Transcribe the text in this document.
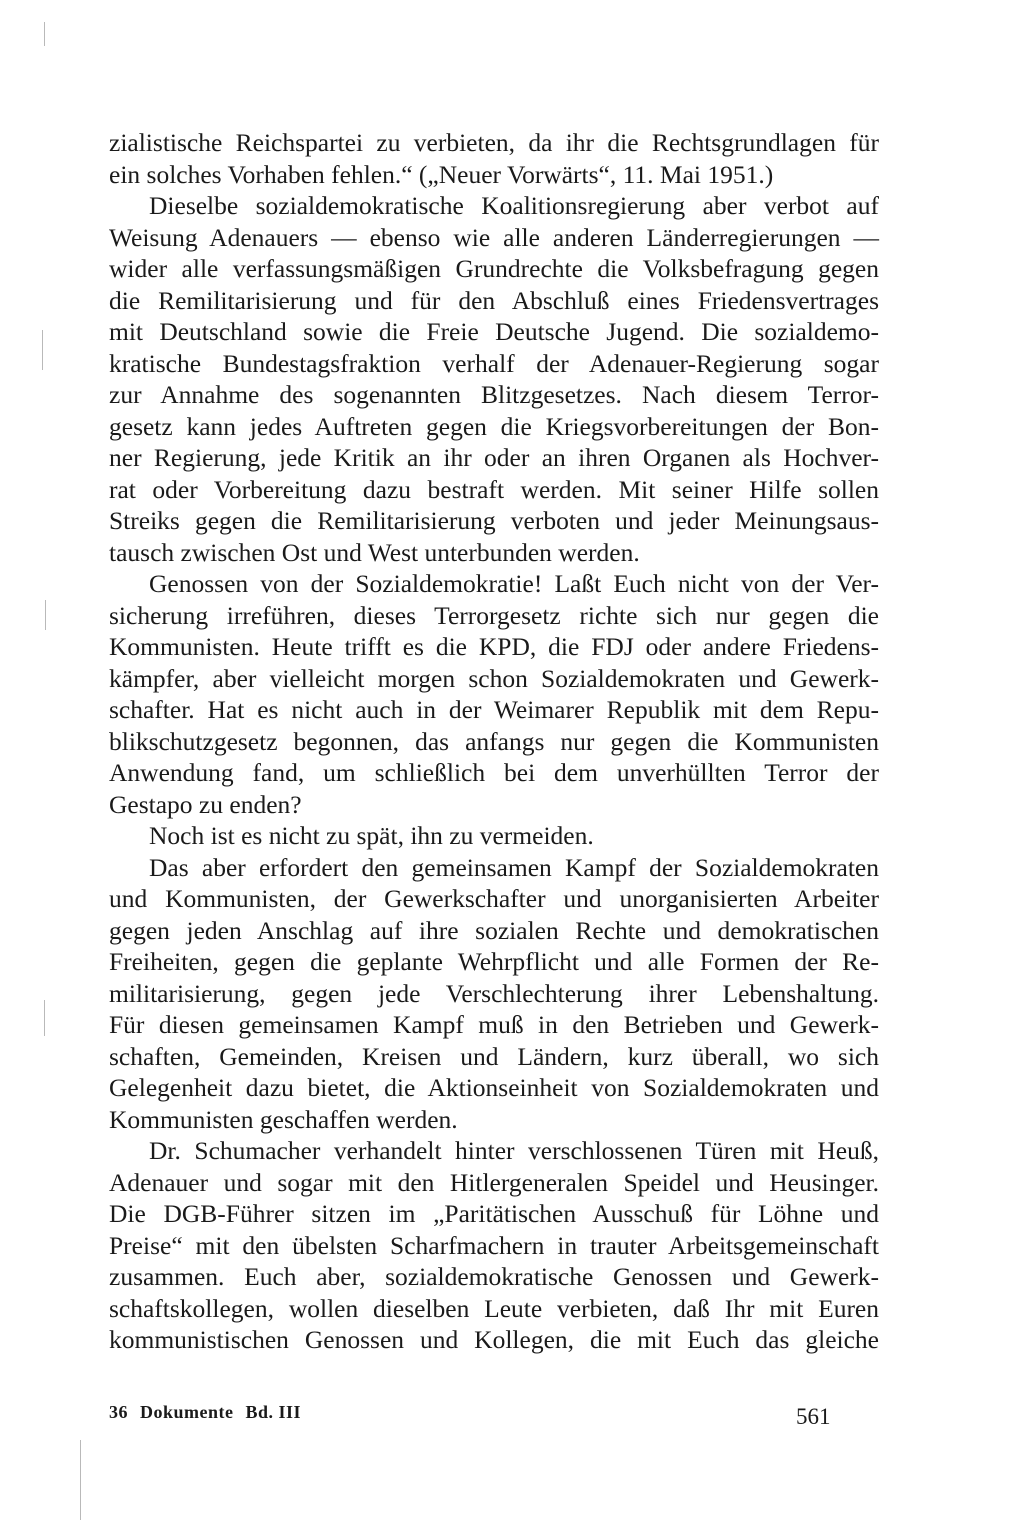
zialistische Reichspartei zu verbieten, da ihr die Rechtsgrundlagen für
ein solches Vorhaben fehlen.“ („Neuer Vorwärts“, 11. Mai 1951.)
Dieselbe sozialdemokratische Koalitionsregierung aber verbot auf
Weisung Adenauers — ebenso wie alle anderen Länderregierungen —
wider alle verfassungsmäßigen Grundrechte die Volksbefragung gegen
die Remilitarisierung und für den Abschluß eines Friedensvertrages
mit Deutschland sowie die Freie Deutsche Jugend. Die sozialdemo-
kratische Bundestagsfraktion verhalf der Adenauer-Regierung sogar
zur Annahme des sogenannten Blitzgesetzes. Nach diesem Terror-
gesetz kann jedes Auftreten gegen die Kriegsvorbereitungen der Bon-
ner Regierung, jede Kritik an ihr oder an ihren Organen als Hochver-
rat oder Vorbereitung dazu bestraft werden. Mit seiner Hilfe sollen
Streiks gegen die Remilitarisierung verboten und jeder Meinungsaus-
tausch zwischen Ost und West unterbunden werden.
Genossen von der Sozialdemokratie! Laßt Euch nicht von der Ver-
sicherung irreführen, dieses Terrorgesetz richte sich nur gegen die
Kommunisten. Heute trifft es die KPD, die FDJ oder andere Friedens-
kämpfer, aber vielleicht morgen schon Sozialdemokraten und Gewerk-
schafter. Hat es nicht auch in der Weimarer Republik mit dem Repu-
blikschutzgesetz begonnen, das anfangs nur gegen die Kommunisten
Anwendung fand, um schließlich bei dem unverhüllten Terror der
Gestapo zu enden?
Noch ist es nicht zu spät, ihn zu vermeiden.
Das aber erfordert den gemeinsamen Kampf der Sozialdemokraten
und Kommunisten, der Gewerkschafter und unorganisierten Arbeiter
gegen jeden Anschlag auf ihre sozialen Rechte und demokratischen
Freiheiten, gegen die geplante Wehrpflicht und alle Formen der Re-
militarisierung, gegen jede Verschlechterung ihrer Lebenshaltung.
Für diesen gemeinsamen Kampf muß in den Betrieben und Gewerk-
schaften, Gemeinden, Kreisen und Ländern, kurz überall, wo sich
Gelegenheit dazu bietet, die Aktionseinheit von Sozialdemokraten und
Kommunisten geschaffen werden.
Dr. Schumacher verhandelt hinter verschlossenen Türen mit Heuß,
Adenauer und sogar mit den Hitlergeneralen Speidel und Heusinger.
Die DGB-Führer sitzen im „Paritätischen Ausschuß für Löhne und
Preise“ mit den übelsten Scharfmachern in trauter Arbeitsgemeinschaft
zusammen. Euch aber, sozialdemokratische Genossen und Gewerk-
schaftskollegen, wollen dieselben Leute verbieten, daß Ihr mit Euren
kommunistischen Genossen und Kollegen, die mit Euch das gleiche
36 Dokumente Bd. III	561
